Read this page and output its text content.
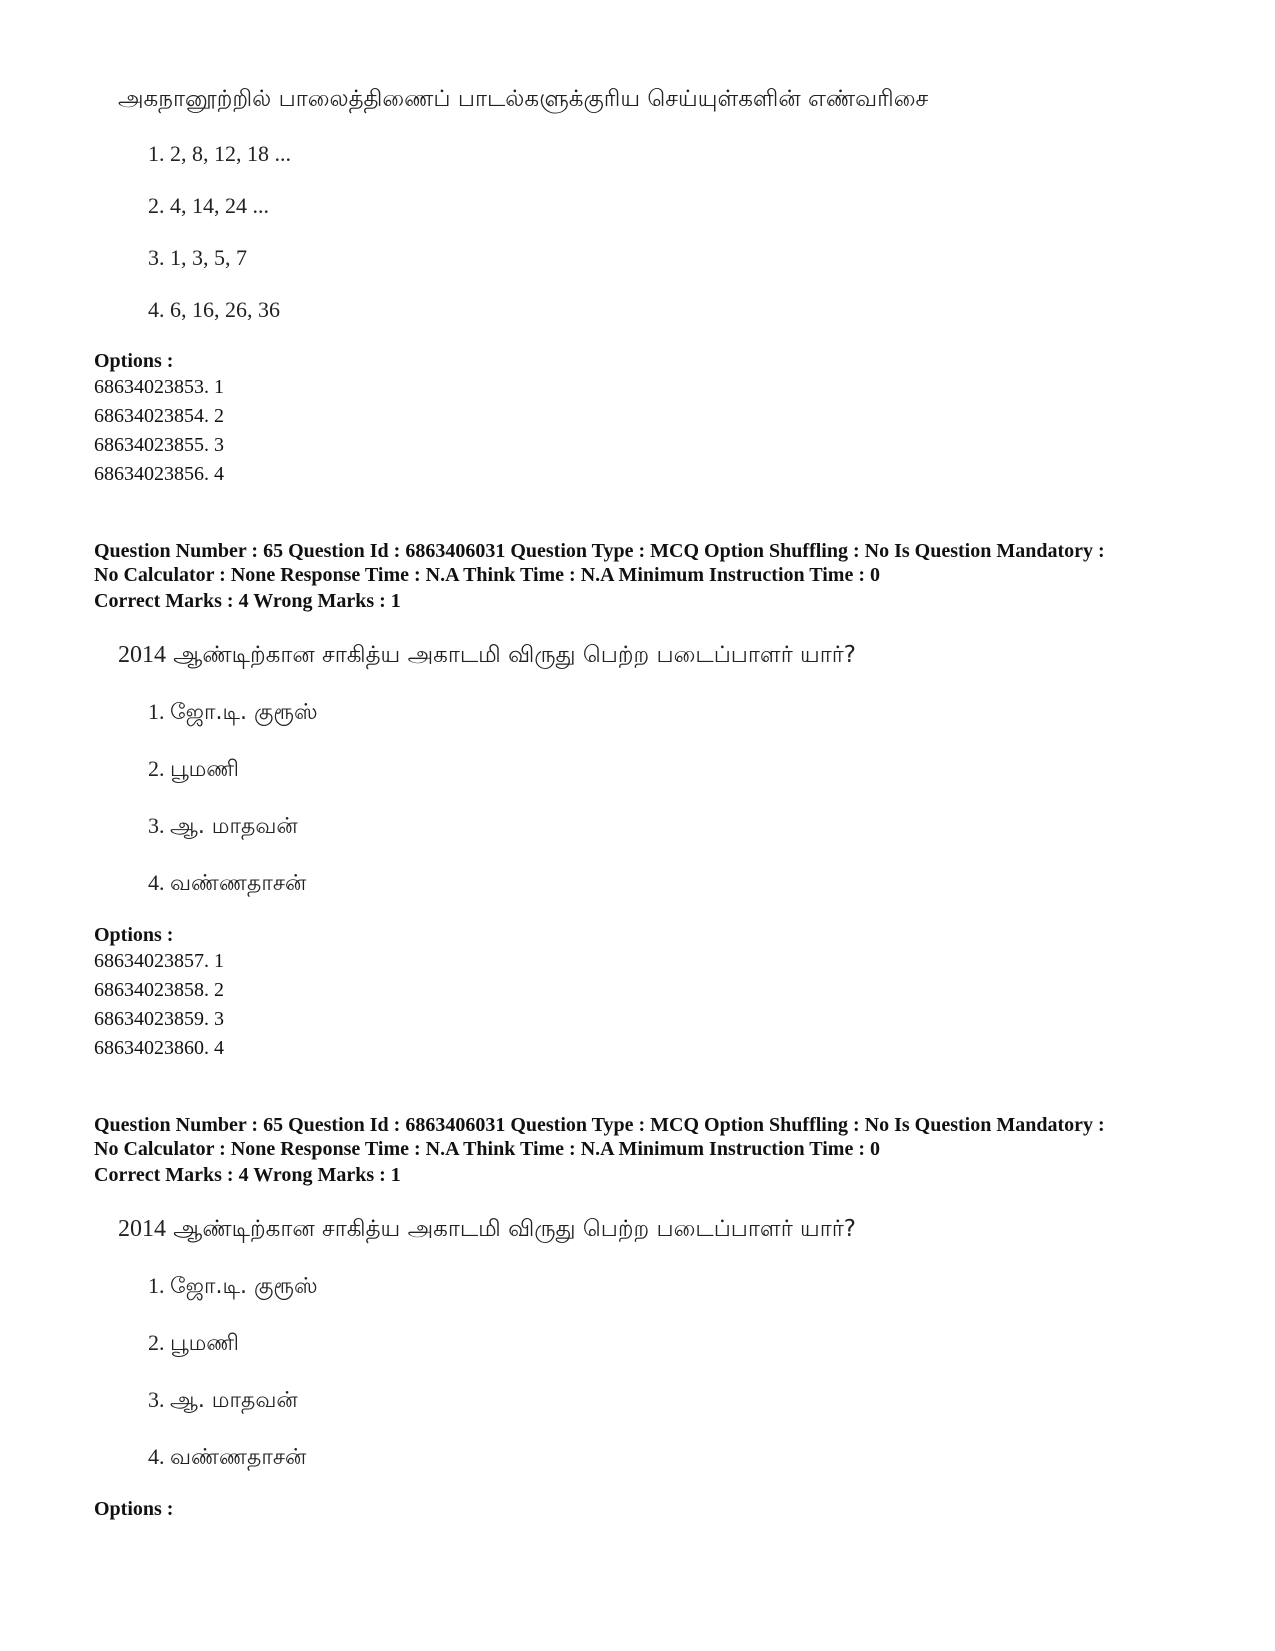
அகநானூற்றில் பாலைத்திணைப் பாடல்களுக்குரிய செய்யுள்களின் எண்வரிசை
1. 2, 8, 12, 18 ...
2. 4, 14, 24 ...
3. 1, 3, 5, 7
4. 6, 16, 26, 36
Options :
68634023853. 1
68634023854. 2
68634023855. 3
68634023856. 4
Question Number : 65 Question Id : 6863406031 Question Type : MCQ Option Shuffling : No Is Question Mandatory :
No Calculator : None Response Time : N.A Think Time : N.A Minimum Instruction Time : 0
Correct Marks : 4 Wrong Marks : 1
2014 ஆண்டிற்கான சாகித்ய அகாடமி விருது பெற்ற படைப்பாளர் யார்?
1. ஜோ.டி. குரூஸ்
2. பூமணி
3. ஆ. மாதவன்
4. வண்ணதாசன்
Options :
68634023857. 1
68634023858. 2
68634023859. 3
68634023860. 4
Question Number : 65 Question Id : 6863406031 Question Type : MCQ Option Shuffling : No Is Question Mandatory :
No Calculator : None Response Time : N.A Think Time : N.A Minimum Instruction Time : 0
Correct Marks : 4 Wrong Marks : 1
2014 ஆண்டிற்கான சாகித்ய அகாடமி விருது பெற்ற படைப்பாளர் யார்?
1. ஜோ.டி. குரூஸ்
2. பூமணி
3. ஆ. மாதவன்
4. வண்ணதாசன்
Options :
